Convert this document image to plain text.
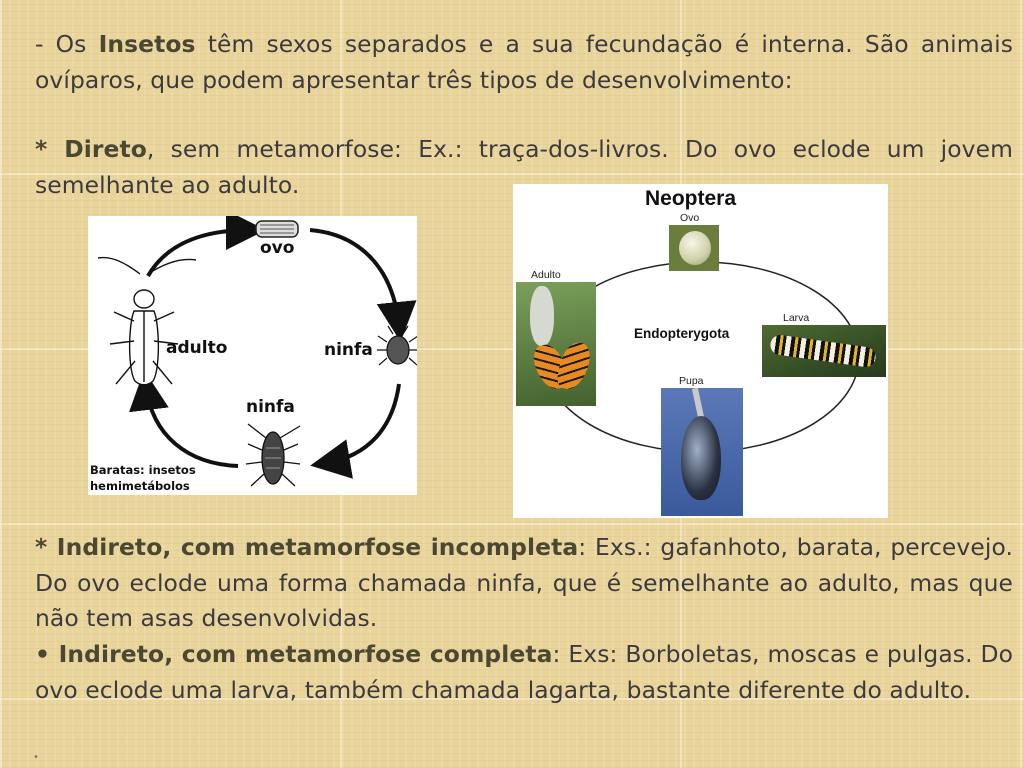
- Os Insetos têm sexos separados e a sua fecundação é interna. São animais ovíparos, que podem apresentar três tipos de desenvolvimento:

* Direto, sem metamorfose: Ex.: traça-dos-livros. Do ovo eclode um jovem semelhante ao adulto.

ovo
ninfa
adulto
ninfa
Baratas: insetos
hemimetábolos
Neoptera
Endopterygota
Ovo
Larva
Pupa
Adulto

* Indireto, com metamorfose incompleta: Exs.: gafanhoto, barata, percevejo. Do ovo eclode uma forma chamada ninfa, que é semelhante ao adulto, mas que não tem asas desenvolvidas.

• Indireto, com metamorfose completa: Exs: Borboletas, moscas e pulgas. Do ovo eclode uma larva, também chamada lagarta, bastante diferente do adulto.

•
